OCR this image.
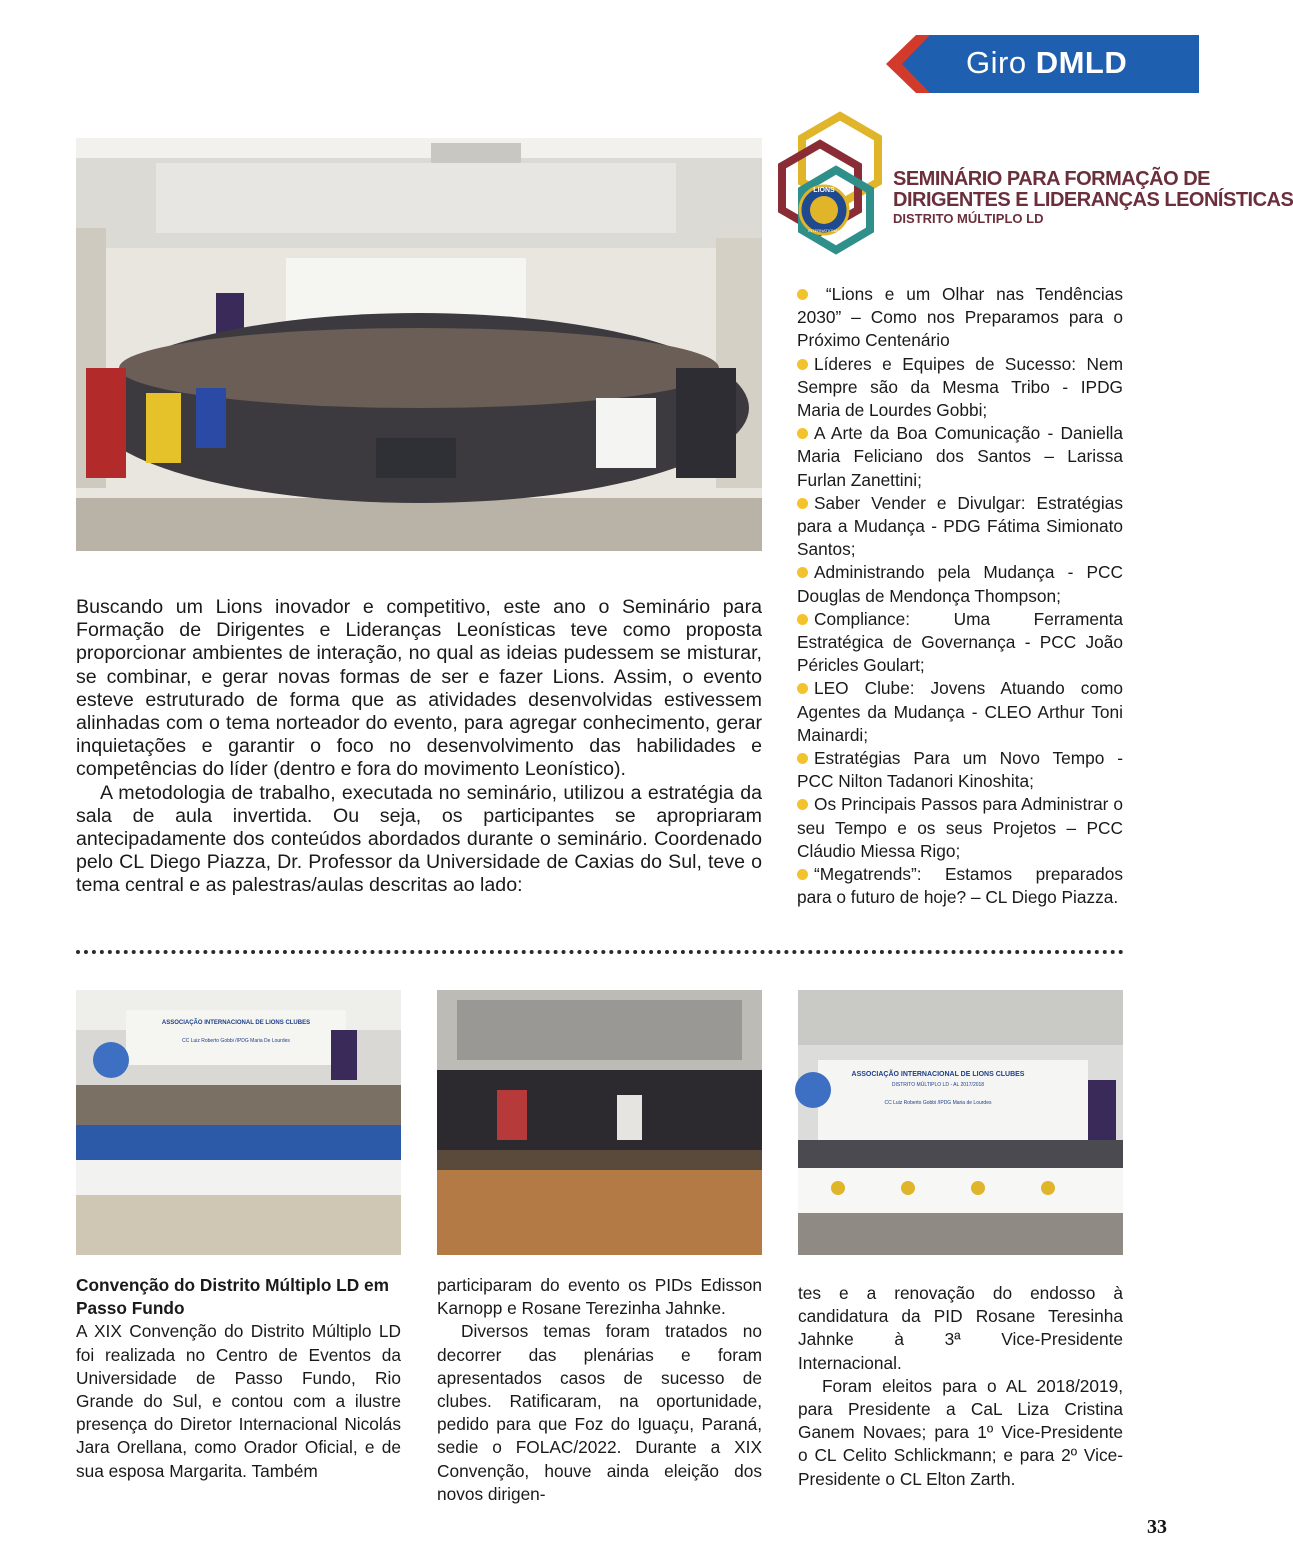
Giro DMLD
LIONS
INTERNATIONAL
SEMINÁRIO PARA FORMAÇÃO DE
DIRIGENTES E LIDERANÇAS LEONÍSTICAS
DISTRITO MÚLTIPLO LD

“Lions e um Olhar nas Tendências 2030” – Como nos Preparamos para o Próximo Centenário

Líderes e Equipes de Sucesso: Nem Sempre são da Mesma Tribo - IPDG Maria de Lourdes Gobbi;

A Arte da Boa Comunicação - Daniella Maria Feliciano dos Santos – Larissa Furlan Zanettini;

Saber Vender e Divulgar: Estratégias para a Mudança - PDG Fátima Simionato Santos;

Administrando pela Mudança - PCC Douglas de Mendonça Thompson;

Compliance: Uma Ferramenta Estratégica de Governança - PCC João Péricles Goulart;

LEO Clube: Jovens Atuando como Agentes da Mudança - CLEO Arthur Toni Mainardi;

Estratégias Para um Novo Tempo - PCC Nilton Tadanori Kinoshita;

Os Principais Passos para Administrar o seu Tempo e os seus Projetos – PCC Cláudio Miessa Rigo;

“Megatrends”: Estamos preparados para o futuro de hoje? – CL Diego Piazza.

Buscando um Lions inovador e competitivo, este ano o Seminário para Formação de Dirigentes e Lideranças Leonísticas teve como proposta proporcionar ambientes de interação, no qual as ideias pudessem se misturar, se combinar, e gerar novas formas de ser e fazer Lions. Assim, o evento esteve estruturado de forma que as atividades desenvolvidas estivessem alinhadas com o tema norteador do evento, para agregar conhecimento, gerar inquietações e garantir o foco no desenvolvimento das habilidades e competências do líder (dentro e fora do movimento Leonístico).

A metodologia de trabalho, executada no seminário, utilizou a estratégia da sala de aula invertida. Ou seja, os participantes se apropriaram antecipadamente dos conteúdos abordados durante o seminário. Coordenado pelo CL Diego Piazza, Dr. Professor da Universidade de Caxias do Sul, teve o tema central e as palestras/aulas descritas ao lado:

ASSOCIAÇÃO INTERNACIONAL DE LIONS CLUBES
CC Luiz Roberto Gobbi /IPDG Maria De Lourdes
ASSOCIAÇÃO INTERNACIONAL DE LIONS CLUBES
DISTRITO MÚLTIPLO LD - AL 2017/2018
CC Luiz Roberto Gobbi /IPDG Maria de Lourdes

Convenção do Distrito Múltiplo LD em Passo Fundo

A XIX Convenção do Distrito Múltiplo LD foi realizada no Centro de Eventos da Universidade de Passo Fundo, Rio Grande do Sul, e contou com a ilustre presença do Diretor Internacional Nicolás Jara Orellana, como Orador Oficial, e de sua esposa Margarita. Também

participaram do evento os PIDs Edisson Karnopp e Rosane Terezinha Jahnke.

Diversos temas foram tratados no decorrer das plenárias e foram apresentados casos de sucesso de clubes. Ratificaram, na oportunidade, pedido para que Foz do Iguaçu, Paraná, sedie o FOLAC/2022. Durante a XIX Convenção, houve ainda eleição dos novos dirigen-

tes e a renovação do endosso à candidatura da PID Rosane Teresinha Jahnke à 3ª Vice-Presidente Internacional.

Foram eleitos para o AL 2018/2019, para Presidente a CaL Liza Cristina Ganem Novaes; para 1º Vice-Presidente o CL Celito Schlickmann; e para 2º Vice-Presidente o CL Elton Zarth.

33
